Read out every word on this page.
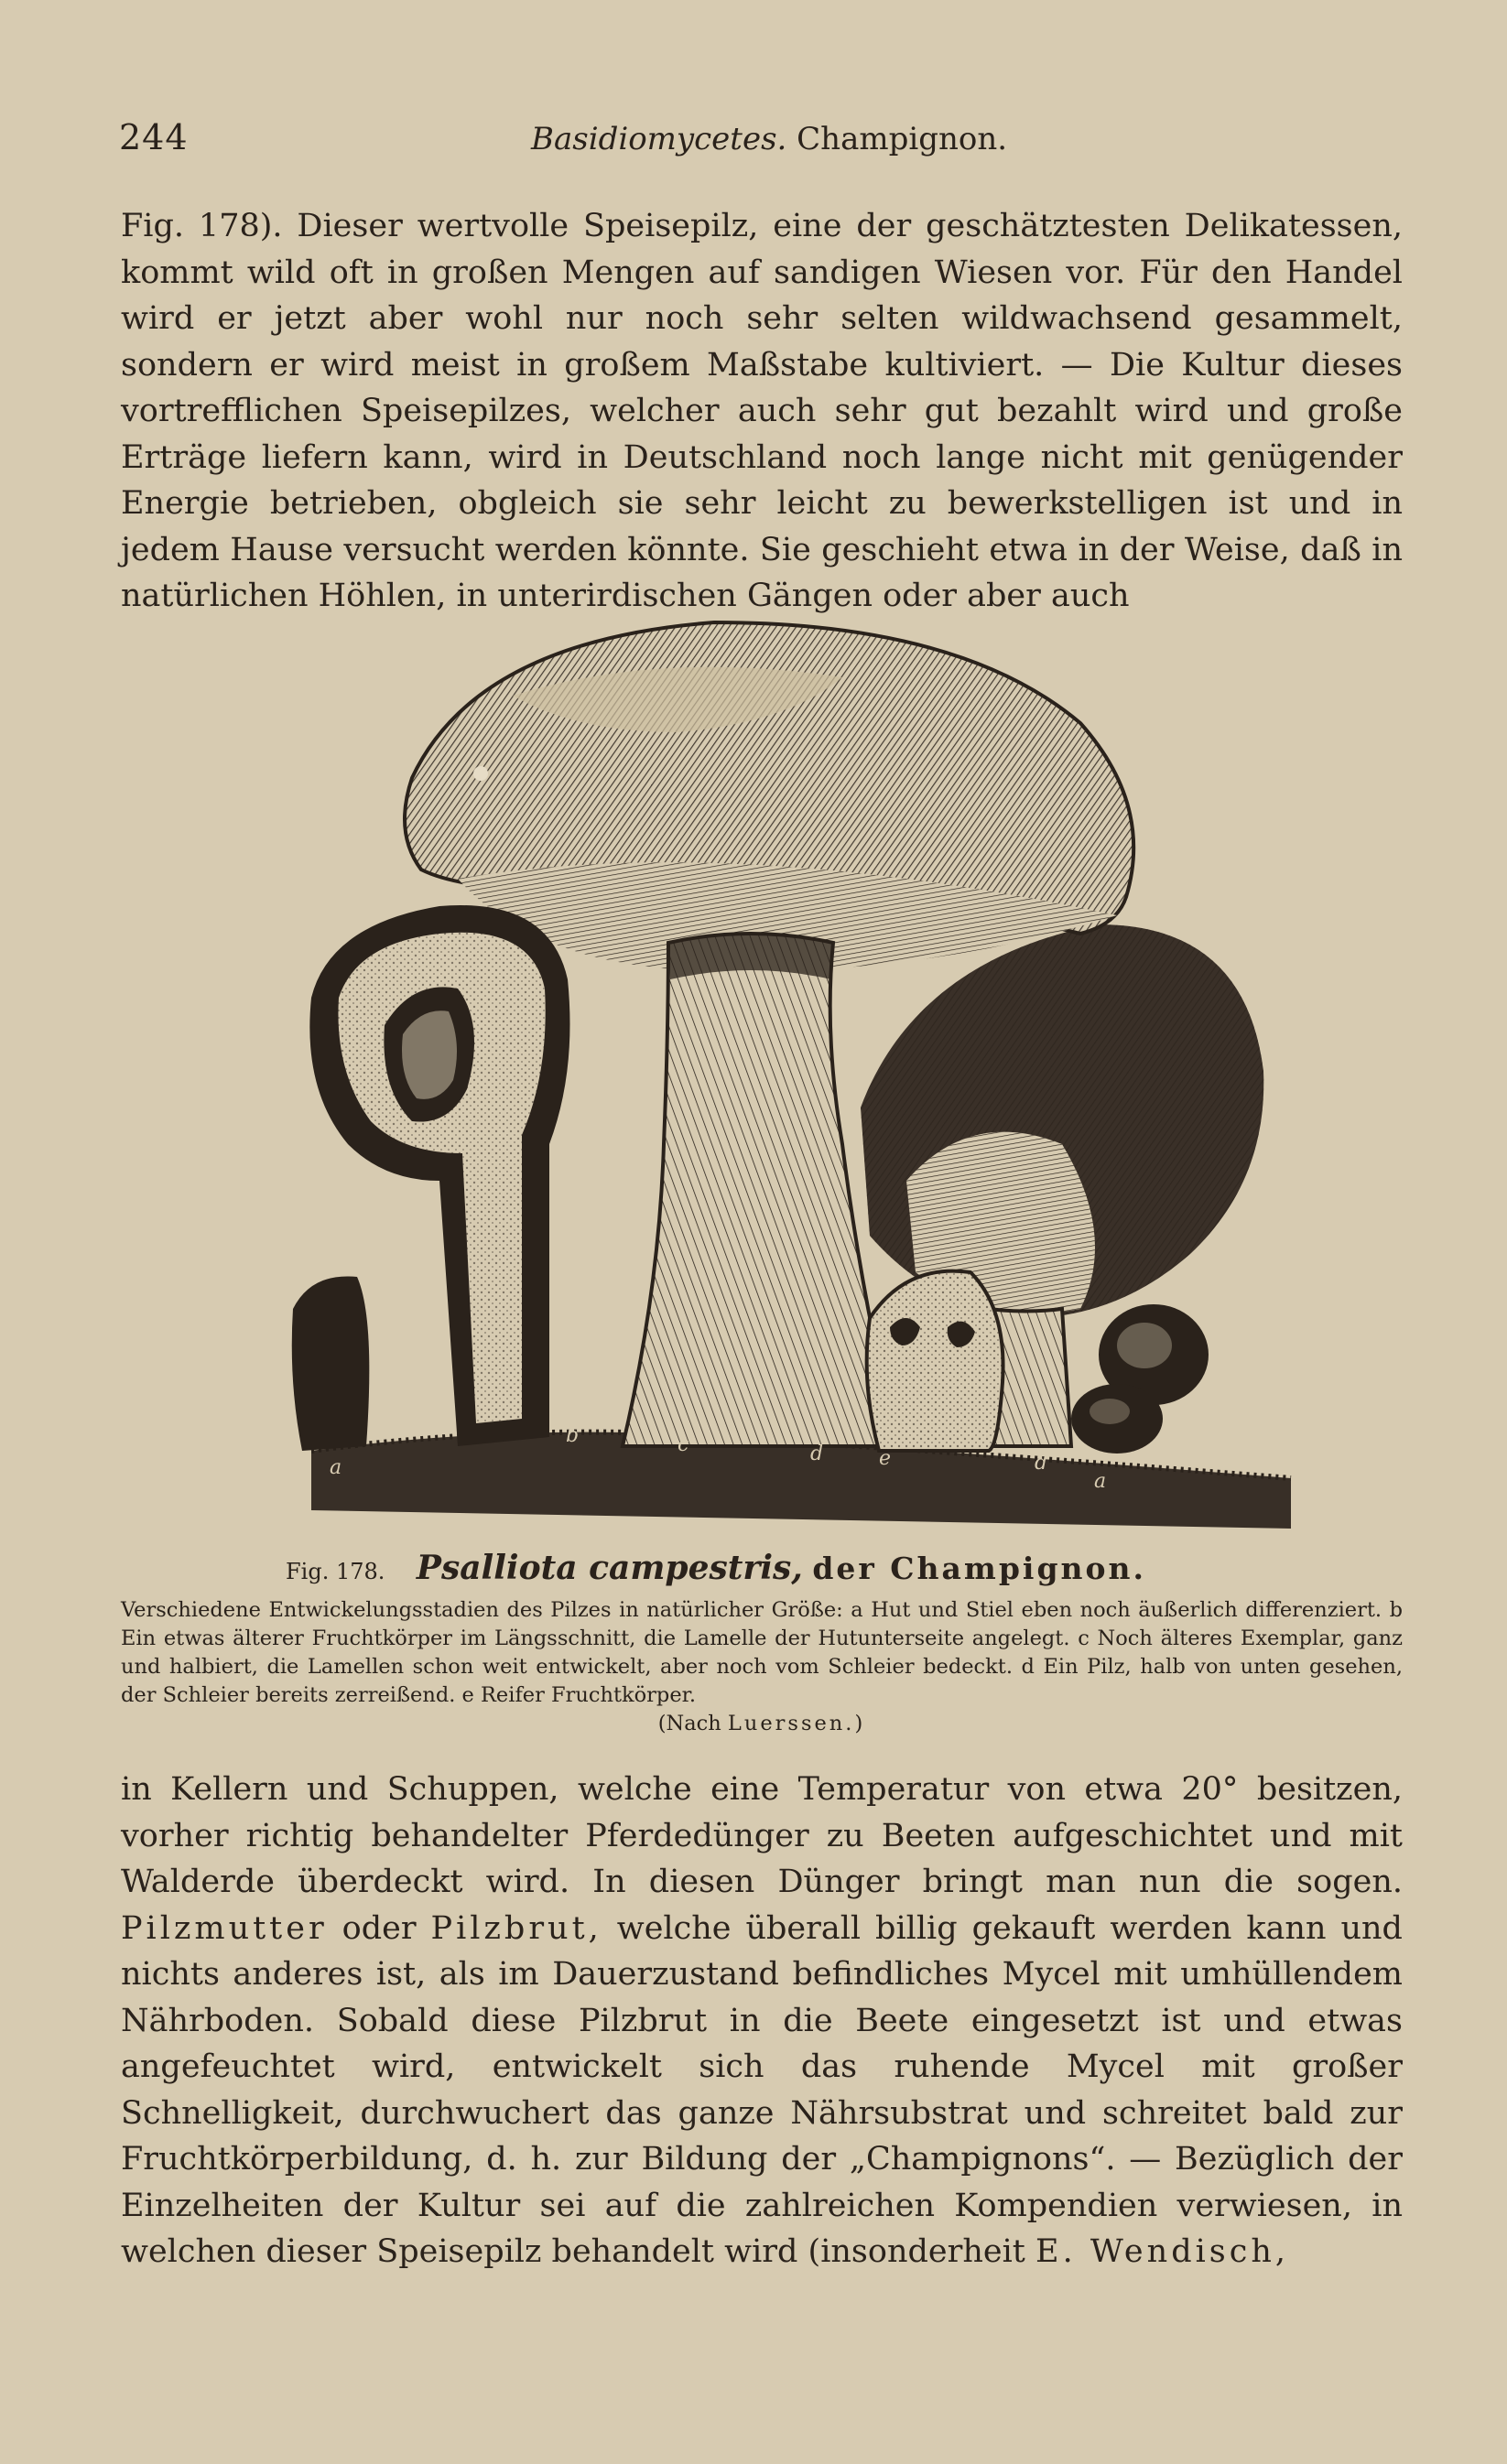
244	Basidiomycetes. Champignon.

Fig. 178). Dieser wertvolle Speisepilz, eine der geschätztesten Delikatessen, kommt wild oft in großen Mengen auf sandigen Wiesen vor. Für den Handel wird er jetzt aber wohl nur noch sehr selten wildwachsend gesammelt, sondern er wird meist in großem Maßstabe kultiviert. — Die Kultur dieses vortrefflichen Speisepilzes, welcher auch sehr gut bezahlt wird und große Erträge liefern kann, wird in Deutschland noch lange nicht mit genügender Energie betrieben, obgleich sie sehr leicht zu bewerkstelligen ist und in jedem Hause versucht werden könnte. Sie geschieht etwa in der Weise, daß in natürlichen Höhlen, in unterirdischen Gängen oder aber auch

a
b	c	d	e	d
a
Fig. 178. Psalliota campestris, der Champignon.

Verschiedene Entwickelungsstadien des Pilzes in natürlicher Größe: a Hut und Stiel eben noch äußerlich differenziert. b Ein etwas älterer Fruchtkörper im Längsschnitt, die Lamelle der Hutunterseite angelegt. c Noch älteres Exemplar, ganz und halbiert, die Lamellen schon weit entwickelt, aber noch vom Schleier bedeckt. d Ein Pilz, halb von unten gesehen, der Schleier bereits zerreißend. e Reifer Fruchtkörper.

(Nach Luerssen.)

in Kellern und Schuppen, welche eine Temperatur von etwa 20° besitzen, vorher richtig behandelter Pferdedünger zu Beeten aufgeschichtet und mit Walderde überdeckt wird. In diesen Dünger bringt man nun die sogen. Pilzmutter oder Pilzbrut, welche überall billig gekauft werden kann und nichts anderes ist, als im Dauerzustand befindliches Mycel mit umhüllendem Nährboden. Sobald diese Pilzbrut in die Beete eingesetzt ist und etwas angefeuchtet wird, entwickelt sich das ruhende Mycel mit großer Schnelligkeit, durchwuchert das ganze Nährsubstrat und schreitet bald zur Fruchtkörperbildung, d. h. zur Bildung der „Champignons“. — Bezüglich der Einzelheiten der Kultur sei auf die zahlreichen Kompendien verwiesen, in welchen dieser Speisepilz behandelt wird (insonderheit E. Wendisch,
